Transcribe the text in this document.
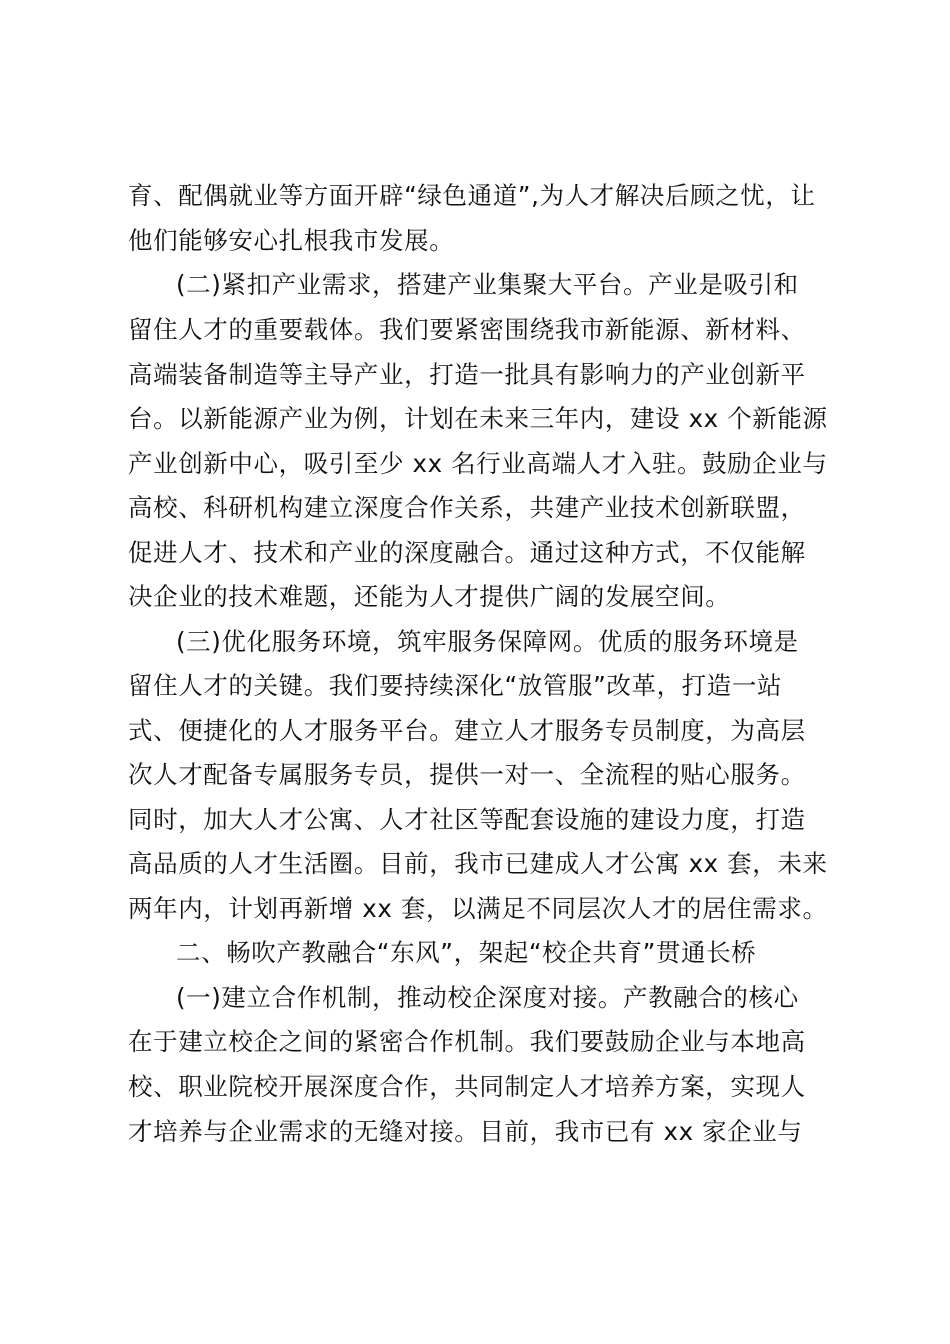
育、配偶就业等方面开辟“绿色通道”,为人才解决后顾之忧，让
他们能够安心扎根我市发展。
(二)紧扣产业需求，搭建产业集聚大平台。产业是吸引和
留住人才的重要载体。我们要紧密围绕我市新能源、新材料、
高端装备制造等主导产业，打造一批具有影响力的产业创新平
台。以新能源产业为例，计划在未来三年内，建设 xx 个新能源
产业创新中心，吸引至少 xx 名行业高端人才入驻。鼓励企业与
高校、科研机构建立深度合作关系，共建产业技术创新联盟，
促进人才、技术和产业的深度融合。通过这种方式，不仅能解
决企业的技术难题，还能为人才提供广阔的发展空间。
(三)优化服务环境，筑牢服务保障网。优质的服务环境是
留住人才的关键。我们要持续深化“放管服”改革，打造一站
式、便捷化的人才服务平台。建立人才服务专员制度，为高层
次人才配备专属服务专员，提供一对一、全流程的贴心服务。
同时，加大人才公寓、人才社区等配套设施的建设力度，打造
高品质的人才生活圈。目前，我市已建成人才公寓 xx 套，未来
两年内，计划再新增 xx 套，以满足不同层次人才的居住需求。
二、畅吹产教融合“东风”，架起“校企共育”贯通长桥
(一)建立合作机制，推动校企深度对接。产教融合的核心
在于建立校企之间的紧密合作机制。我们要鼓励企业与本地高
校、职业院校开展深度合作，共同制定人才培养方案，实现人
才培养与企业需求的无缝对接。目前，我市已有 xx 家企业与
